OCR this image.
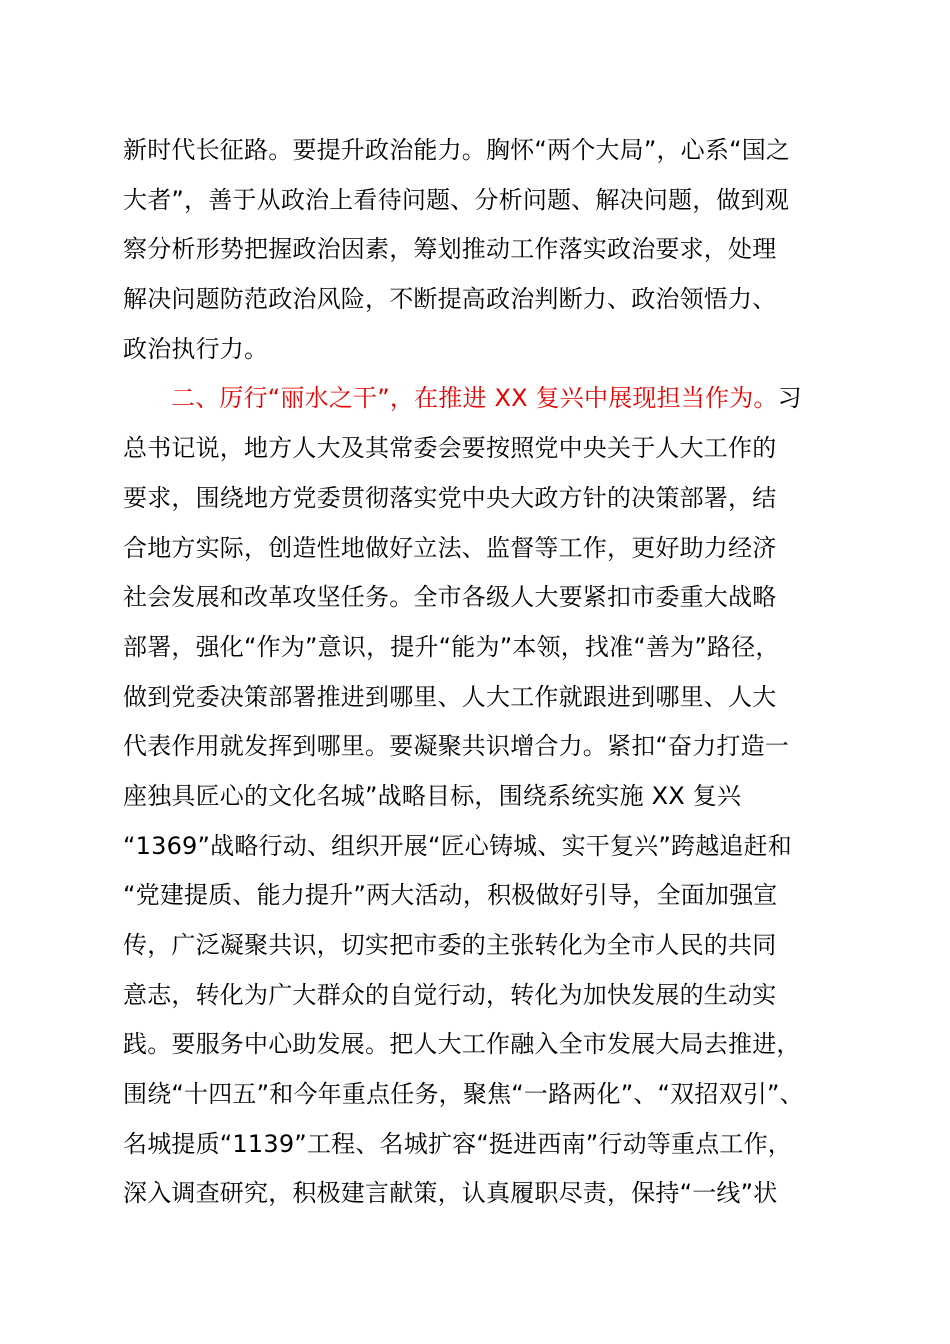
新时代长征路。要提升政治能力。胸怀“两个大局”，心系“国之
大者”，善于从政治上看待问题、分析问题、解决问题，做到观
察分析形势把握政治因素，筹划推动工作落实政治要求，处理
解决问题防范政治风险，不断提高政治判断力、政治领悟力、
政治执行力。
二、厉行“丽水之干”，在推进 XX 复兴中展现担当作为。习
总书记说，地方人大及其常委会要按照党中央关于人大工作的
要求，围绕地方党委贯彻落实党中央大政方针的决策部署，结
合地方实际，创造性地做好立法、监督等工作，更好助力经济
社会发展和改革攻坚任务。全市各级人大要紧扣市委重大战略
部署，强化“作为”意识，提升“能为”本领，找准“善为”路径，
做到党委决策部署推进到哪里、人大工作就跟进到哪里、人大
代表作用就发挥到哪里。要凝聚共识增合力。紧扣“奋力打造一
座独具匠心的文化名城”战略目标，围绕系统实施 XX 复兴
“1369”战略行动、组织开展“匠心铸城、实干复兴”跨越追赶和
“党建提质、能力提升”两大活动，积极做好引导，全面加强宣
传，广泛凝聚共识，切实把市委的主张转化为全市人民的共同
意志，转化为广大群众的自觉行动，转化为加快发展的生动实
践。要服务中心助发展。把人大工作融入全市发展大局去推进，
围绕“十四五”和今年重点任务，聚焦“一路两化”、“双招双引”、
名城提质“1139”工程、名城扩容“挺进西南”行动等重点工作，
深入调查研究，积极建言献策，认真履职尽责，保持“一线”状
